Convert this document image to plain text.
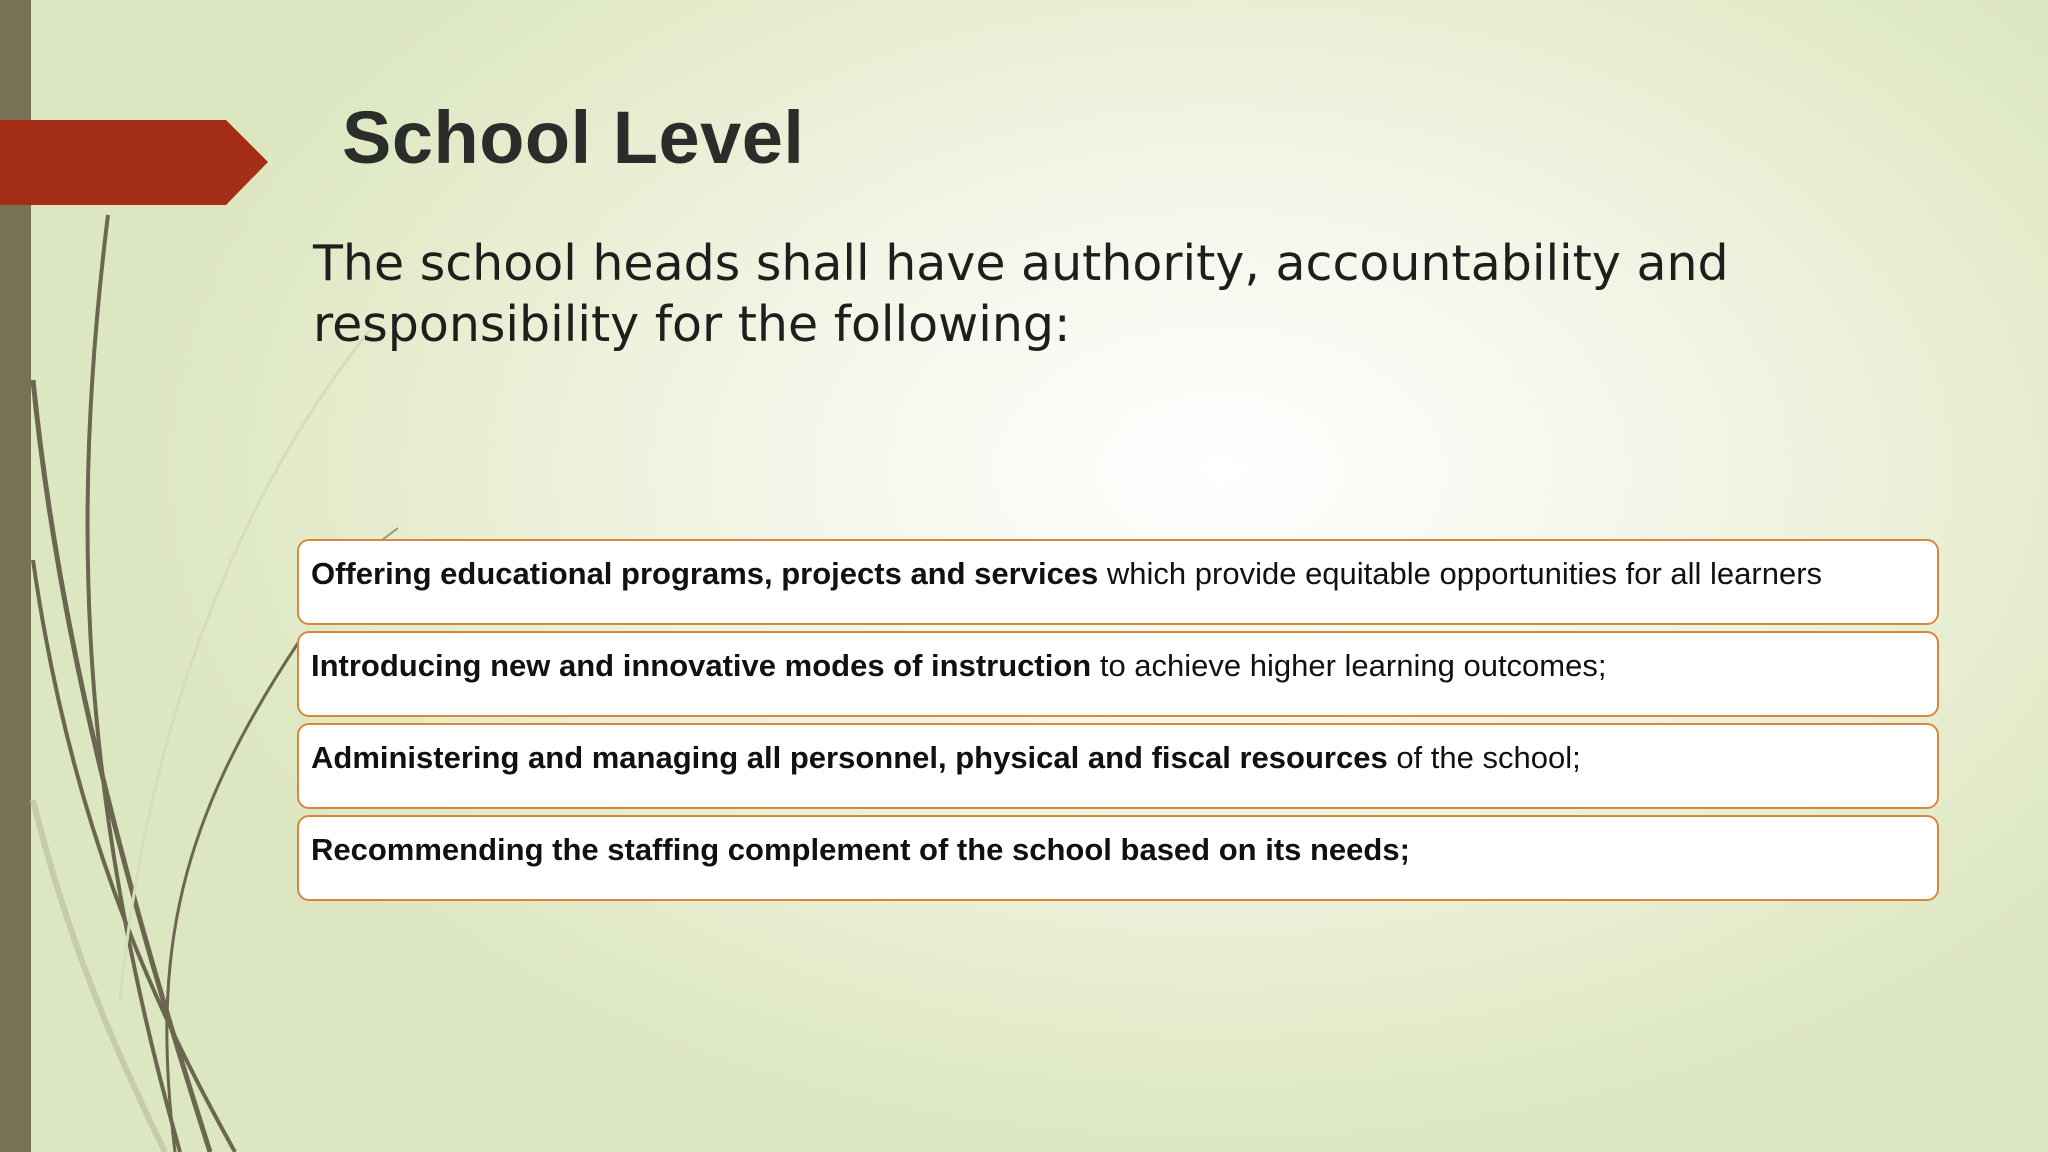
School Level

The school heads shall have authority, accountability and responsibility for the following:

Offering educational programs, projects and services which provide equitable opportunities for all learners
Introducing new and innovative modes of instruction to achieve higher learning outcomes;
Administering and managing all personnel, physical and fiscal resources of the school;
Recommending the staffing complement of the school based on its needs;
